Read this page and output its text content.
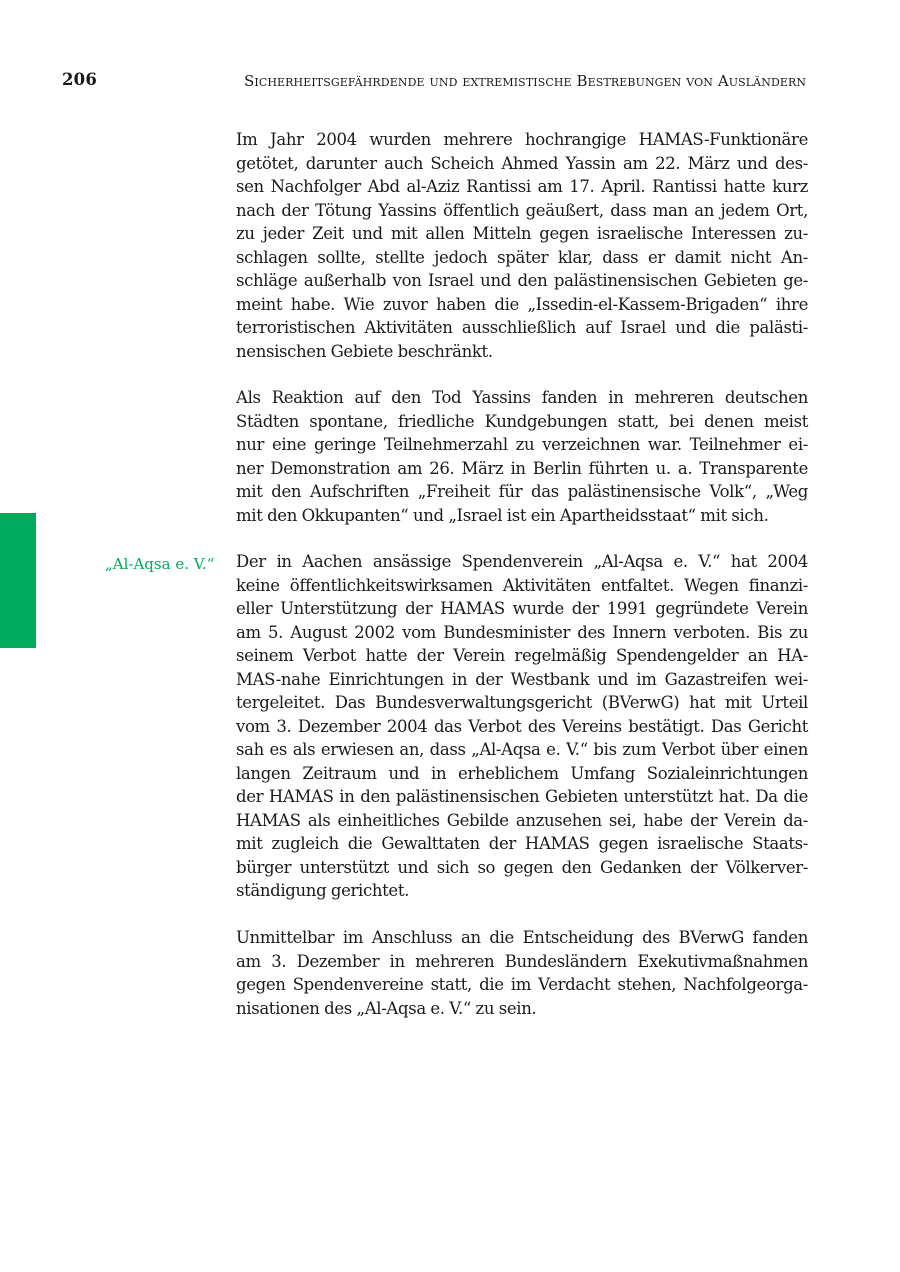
206	Sicherheitsgefährdende und extremistische Bestrebungen von Ausländern
„Al-Aqsa e. V.“
Im Jahr 2004 wurden mehrere hochrangige HAMAS-Funktionäre
getötet, darunter auch Scheich Ahmed Yassin am 22. März und des-
sen Nachfolger Abd al-Aziz Rantissi am 17. April. Rantissi hatte kurz
nach der Tötung Yassins öffentlich geäußert, dass man an jedem Ort,
zu jeder Zeit und mit allen Mitteln gegen israelische Interessen zu-
schlagen sollte, stellte jedoch später klar, dass er damit nicht An-
schläge außerhalb von Israel und den palästinensischen Gebieten ge-
meint habe. Wie zuvor haben die „Issedin-el-Kassem-Brigaden“ ihre
terroristischen Aktivitäten ausschließlich auf Israel und die palästi-
nensischen Gebiete beschränkt.
Als Reaktion auf den Tod Yassins fanden in mehreren deutschen
Städten spontane, friedliche Kundgebungen statt, bei denen meist
nur eine geringe Teilnehmerzahl zu verzeichnen war. Teilnehmer ei-
ner Demonstration am 26. März in Berlin führten u. a. Transparente
mit den Aufschriften „Freiheit für das palästinensische Volk“, „Weg
mit den Okkupanten“ und „Israel ist ein Apartheidsstaat“ mit sich.
Der in Aachen ansässige Spendenverein „Al-Aqsa e. V.“ hat 2004
keine öffentlichkeitswirksamen Aktivitäten entfaltet. Wegen finanzi-
eller Unterstützung der HAMAS wurde der 1991 gegründete Verein
am 5. August 2002 vom Bundesminister des Innern verboten. Bis zu
seinem Verbot hatte der Verein regelmäßig Spendengelder an HA-
MAS-nahe Einrichtungen in der Westbank und im Gazastreifen wei-
tergeleitet. Das Bundesverwaltungsgericht (BVerwG) hat mit Urteil
vom 3. Dezember 2004 das Verbot des Vereins bestätigt. Das Gericht
sah es als erwiesen an, dass „Al-Aqsa e. V.“ bis zum Verbot über einen
langen Zeitraum und in erheblichem Umfang Sozialeinrichtungen
der HAMAS in den palästinensischen Gebieten unterstützt hat. Da die
HAMAS als einheitliches Gebilde anzusehen sei, habe der Verein da-
mit zugleich die Gewalttaten der HAMAS gegen israelische Staats-
bürger unterstützt und sich so gegen den Gedanken der Völkerver-
ständigung gerichtet.
Unmittelbar im Anschluss an die Entscheidung des BVerwG fanden
am 3. Dezember in mehreren Bundesländern Exekutivmaßnahmen
gegen Spendenvereine statt, die im Verdacht stehen, Nachfolgeorga-
nisationen des „Al-Aqsa e. V.“ zu sein.
